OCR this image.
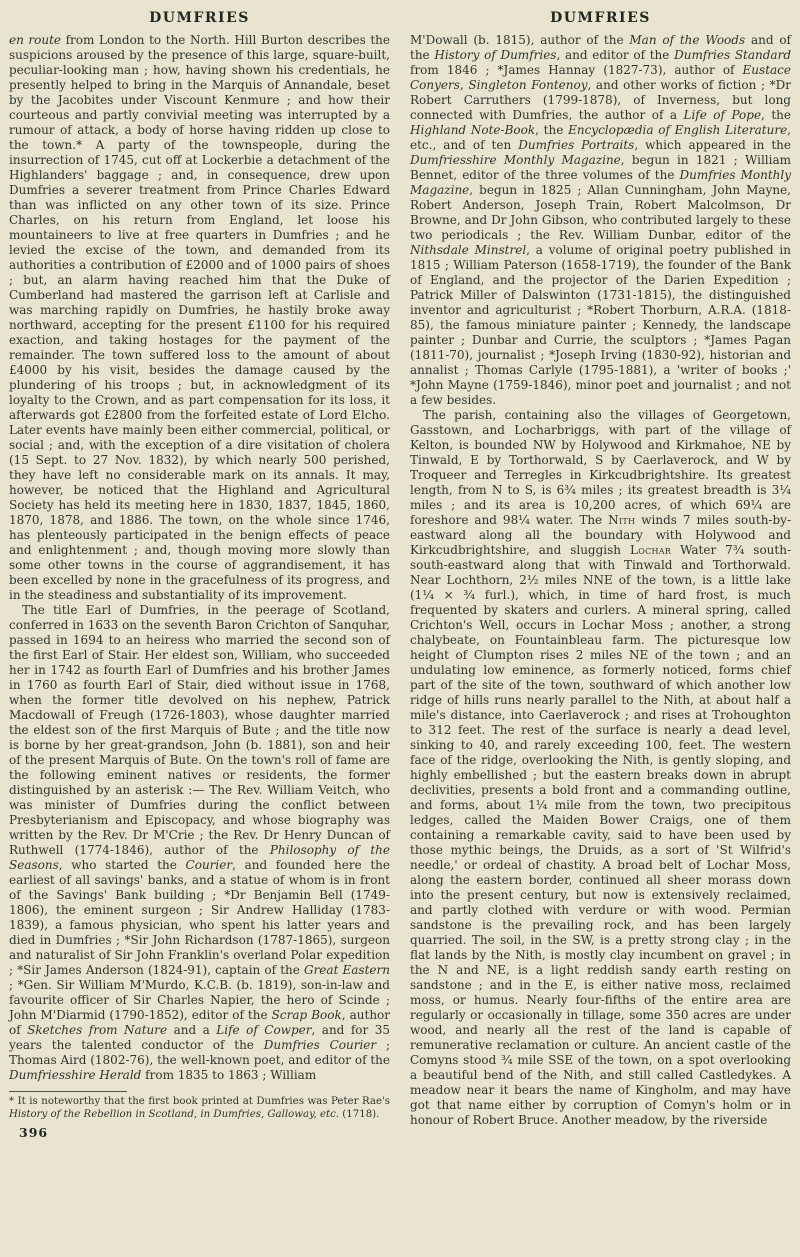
DUMFRIES

en route from London to the North. Hill Burton describes the suspicions aroused by the presence of this large, square-built, peculiar-looking man ; how, having shown his credentials, he presently helped to bring in the Marquis of Annandale, beset by the Jacobites under Viscount Kenmure ; and how their courteous and partly convivial meeting was interrupted by a rumour of attack, a body of horse having ridden up close to the town.* A party of the townspeople, during the insurrection of 1745, cut off at Lockerbie a detachment of the Highlanders' baggage ; and, in consequence, drew upon Dumfries a severer treatment from Prince Charles Edward than was inflicted on any other town of its size. Prince Charles, on his return from England, let loose his mountaineers to live at free quarters in Dumfries ; and he levied the excise of the town, and demanded from its authorities a contribution of £2000 and of 1000 pairs of shoes ; but, an alarm having reached him that the Duke of Cumberland had mastered the garrison left at Carlisle and was marching rapidly on Dumfries, he hastily broke away northward, accepting for the present £1100 for his required exaction, and taking hostages for the payment of the remainder. The town suffered loss to the amount of about £4000 by his visit, besides the damage caused by the plundering of his troops ; but, in acknowledgment of its loyalty to the Crown, and as part compensation for its loss, it afterwards got £2800 from the forfeited estate of Lord Elcho. Later events have mainly been either commercial, political, or social ; and, with the exception of a dire visitation of cholera (15 Sept. to 27 Nov. 1832), by which nearly 500 perished, they have left no considerable mark on its annals. It may, however, be noticed that the Highland and Agricultural Society has held its meeting here in 1830, 1837, 1845, 1860, 1870, 1878, and 1886. The town, on the whole since 1746, has plenteously participated in the benign effects of peace and enlightenment ; and, though moving more slowly than some other towns in the course of aggrandisement, it has been excelled by none in the gracefulness of its progress, and in the steadiness and substantiality of its improvement.

The title Earl of Dumfries, in the peerage of Scotland, conferred in 1633 on the seventh Baron Crichton of Sanquhar, passed in 1694 to an heiress who married the second son of the first Earl of Stair. Her eldest son, William, who succeeded her in 1742 as fourth Earl of Dumfries and his brother James in 1760 as fourth Earl of Stair, died without issue in 1768, when the former title devolved on his nephew, Patrick Macdowall of Freugh (1726-1803), whose daughter married the eldest son of the first Marquis of Bute ; and the title now is borne by her great-grandson, John (b. 1881), son and heir of the present Marquis of Bute. On the town's roll of fame are the following eminent natives or residents, the former distinguished by an asterisk :— The Rev. William Veitch, who was minister of Dumfries during the conflict between Presbyterianism and Episcopacy, and whose biography was written by the Rev. Dr M'Crie ; the Rev. Dr Henry Duncan of Ruthwell (1774-1846), author of the Philosophy of the Seasons, who started the Courier, and founded here the earliest of all savings' banks, and a statue of whom is in front of the Savings' Bank building ; *Dr Benjamin Bell (1749-1806), the eminent surgeon ; Sir Andrew Halliday (1783-1839), a famous physician, who spent his latter years and died in Dumfries ; *Sir John Richardson (1787-1865), surgeon and naturalist of Sir John Franklin's overland Polar expedition ; *Sir James Anderson (1824-91), captain of the Great Eastern ; *Gen. Sir William M'Murdo, K.C.B. (b. 1819), son-in-law and favourite officer of Sir Charles Napier, the hero of Scinde ; John M'Diarmid (1790-1852), editor of the Scrap Book, author of Sketches from Nature and a Life of Cowper, and for 35 years the talented conductor of the Dumfries Courier ; Thomas Aird (1802-76), the well-known poet, and editor of the Dumfriesshire Herald from 1835 to 1863 ; William

* It is noteworthy that the first book printed at Dumfries was Peter Rae's History of the Rebellion in Scotland, in Dumfries, Galloway, etc. (1718).

396
DUMFRIES

M'Dowall (b. 1815), author of the Man of the Woods and of the History of Dumfries, and editor of the Dumfries Standard from 1846 ; *James Hannay (1827-73), author of Eustace Conyers, Singleton Fontenoy, and other works of fiction ; *Dr Robert Carruthers (1799-1878), of Inverness, but long connected with Dumfries, the author of a Life of Pope, the Highland Note-Book, the Encyclopædia of English Literature, etc., and of ten Dumfries Portraits, which appeared in the Dumfriesshire Monthly Magazine, begun in 1821 ; William Bennet, editor of the three volumes of the Dumfries Monthly Magazine, begun in 1825 ; Allan Cunningham, John Mayne, Robert Anderson, Joseph Train, Robert Malcolmson, Dr Browne, and Dr John Gibson, who contributed largely to these two periodicals ; the Rev. William Dunbar, editor of the Nithsdale Minstrel, a volume of original poetry published in 1815 ; William Paterson (1658-1719), the founder of the Bank of England, and the projector of the Darien Expedition ; Patrick Miller of Dalswinton (1731-1815), the distinguished inventor and agriculturist ; *Robert Thorburn, A.R.A. (1818-85), the famous miniature painter ; Kennedy, the landscape painter ; Dunbar and Currie, the sculptors ; *James Pagan (1811-70), journalist ; *Joseph Irving (1830-92), historian and annalist ; Thomas Carlyle (1795-1881), a 'writer of books ;' *John Mayne (1759-1846), minor poet and journalist ; and not a few besides.

The parish, containing also the villages of Georgetown, Gasstown, and Locharbriggs, with part of the village of Kelton, is bounded NW by Holywood and Kirkmahoe, NE by Tinwald, E by Torthorwald, S by Caerlaverock, and W by Troqueer and Terregles in Kirkcudbrightshire. Its greatest length, from N to S, is 6¾ miles ; its greatest breadth is 3¼ miles ; and its area is 10,200 acres, of which 69¼ are foreshore and 98¼ water. The Nith winds 7 miles south-by-eastward along all the boundary with Holywood and Kirkcudbrightshire, and sluggish Lochar Water 7¾ south-south-eastward along that with Tinwald and Torthorwald. Near Lochthorn, 2½ miles NNE of the town, is a little lake (1¼ × ¾ furl.), which, in time of hard frost, is much frequented by skaters and curlers. A mineral spring, called Crichton's Well, occurs in Lochar Moss ; another, a strong chalybeate, on Fountainbleau farm. The picturesque low height of Clumpton rises 2 miles NE of the town ; and an undulating low eminence, as formerly noticed, forms chief part of the site of the town, southward of which another low ridge of hills runs nearly parallel to the Nith, at about half a mile's distance, into Caerlaverock ; and rises at Trohoughton to 312 feet. The rest of the surface is nearly a dead level, sinking to 40, and rarely exceeding 100, feet. The western face of the ridge, overlooking the Nith, is gently sloping, and highly embellished ; but the eastern breaks down in abrupt declivities, presents a bold front and a commanding outline, and forms, about 1¼ mile from the town, two precipitous ledges, called the Maiden Bower Craigs, one of them containing a remarkable cavity, said to have been used by those mythic beings, the Druids, as a sort of 'St Wilfrid's needle,' or ordeal of chastity. A broad belt of Lochar Moss, along the eastern border, continued all sheer morass down into the present century, but now is extensively reclaimed, and partly clothed with verdure or with wood. Permian sandstone is the prevailing rock, and has been largely quarried. The soil, in the SW, is a pretty strong clay ; in the flat lands by the Nith, is mostly clay incumbent on gravel ; in the N and NE, is a light reddish sandy earth resting on sandstone ; and in the E, is either native moss, reclaimed moss, or humus. Nearly four-fifths of the entire area are regularly or occasionally in tillage, some 350 acres are under wood, and nearly all the rest of the land is capable of remunerative reclamation or culture. An ancient castle of the Comyns stood ¾ mile SSE of the town, on a spot overlooking a beautiful bend of the Nith, and still called Castledykes. A meadow near it bears the name of Kingholm, and may have got that name either by corruption of Comyn's holm or in honour of Robert Bruce. Another meadow, by the riverside
